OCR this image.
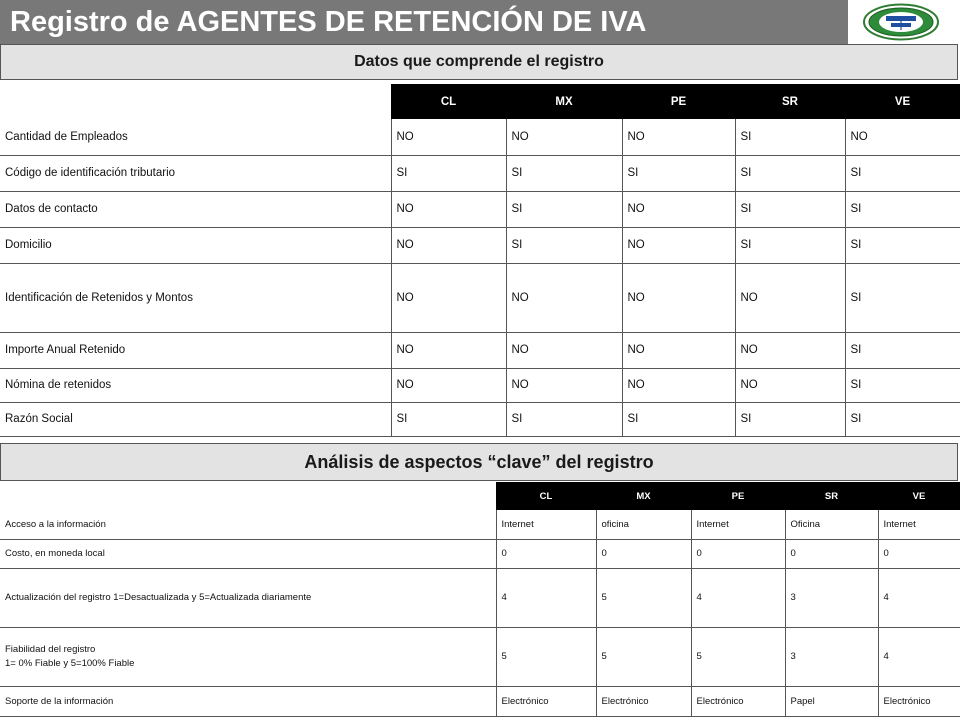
Registro de AGENTES DE RETENCIÓN DE IVA
Datos que comprende el registro
	CL	MX	PE	SR	VE
Cantidad de Empleados	NO	NO	NO	SI	NO
Código de identificación tributario	SI	SI	SI	SI	SI
Datos de contacto	NO	SI	NO	SI	SI
Domicilio	NO	SI	NO	SI	SI
Identificación de Retenidos y Montos	NO	NO	NO	NO	SI
Importe Anual Retenido	NO	NO	NO	NO	SI
Nómina de retenidos	NO	NO	NO	NO	SI
Razón Social	SI	SI	SI	SI	SI
Análisis de aspectos “clave” del registro
	CL	MX	PE	SR	VE
Acceso a la información	Internet	oficina	Internet	Oficina	Internet
Costo, en moneda local	0	0	0	0	0
Actualización del registro 1=Desactualizada y 5=Actualizada diariamente	4	5	4	3	4

Fiabilidad del registro
1= 0% Fiable y 5=100% Fiable	5	5	5	3	4
Soporte de la información	Electrónico	Electrónico	Electrónico	Papel	Electrónico
